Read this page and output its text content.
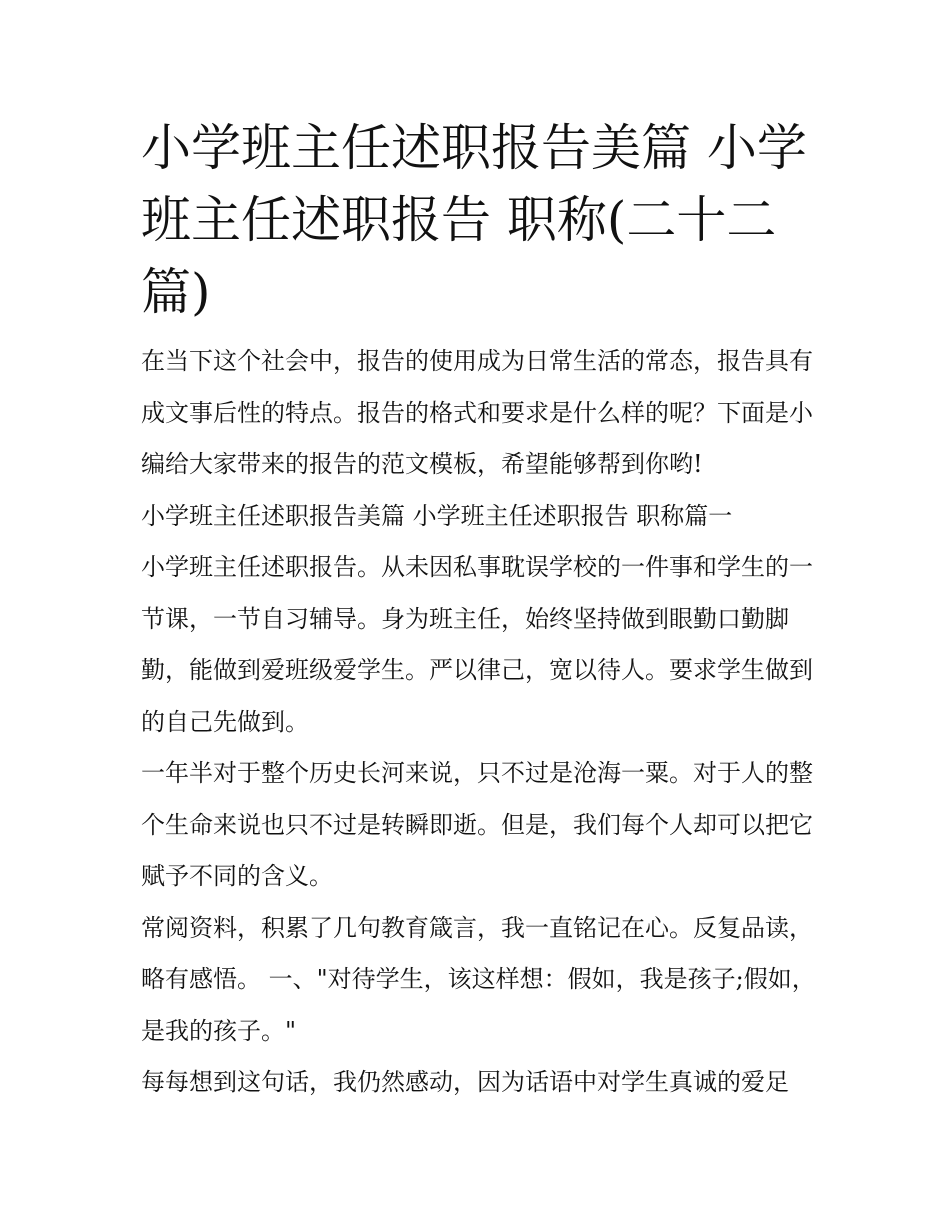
小学班主任述职报告美篇 小学
班主任述职报告 职称(二十二
篇)

在当下这个社会中，报告的使用成为日常生活的常态，报告具有成文事后性的特点。报告的格式和要求是什么样的呢？下面是小编给大家带来的报告的范文模板，希望能够帮到你哟!

小学班主任述职报告美篇 小学班主任述职报告 职称篇一

小学班主任述职报告。从未因私事耽误学校的一件事和学生的一节课，一节自习辅导。身为班主任，始终坚持做到眼勤口勤脚勤，能做到爱班级爱学生。严以律己，宽以待人。要求学生做到的自己先做到。

一年半对于整个历史长河来说，只不过是沧海一粟。对于人的整个生命来说也只不过是转瞬即逝。但是，我们每个人却可以把它赋予不同的含义。

常阅资料，积累了几句教育箴言，我一直铭记在心。反复品读，略有感悟。 一、"对待学生，该这样想：假如，我是孩子;假如，是我的孩子。"

每每想到这句话，我仍然感动，因为话语中对学生真诚的爱足
